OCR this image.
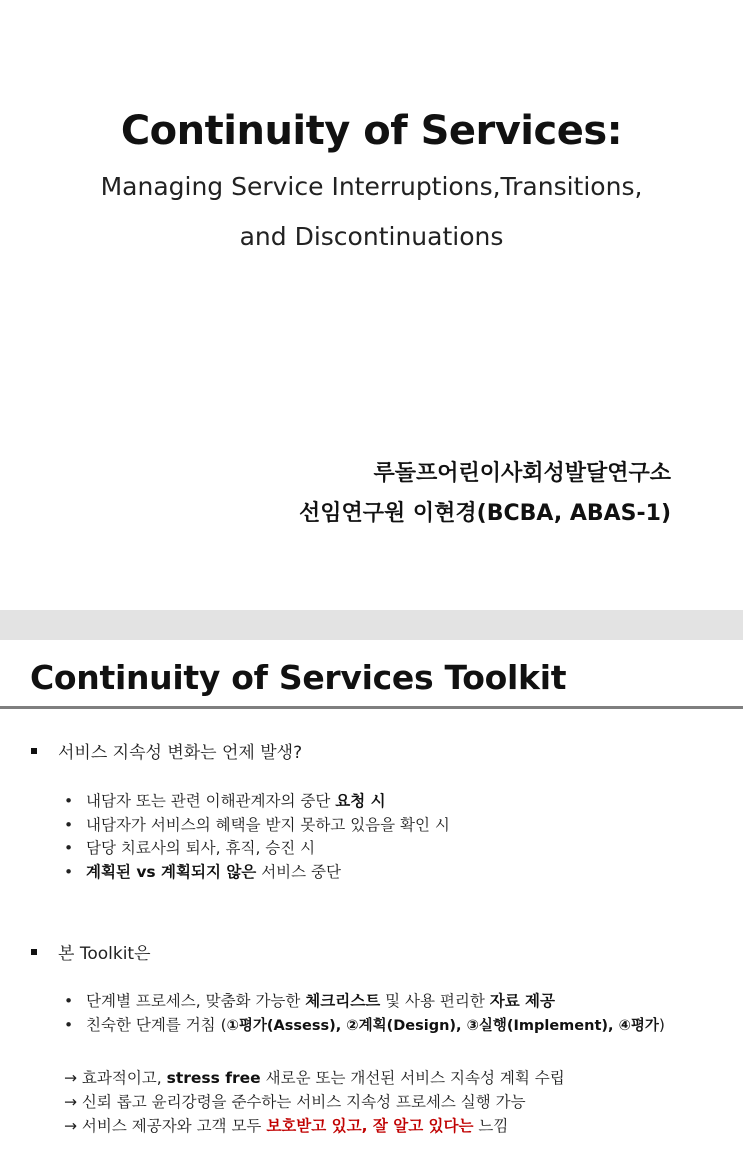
Continuity of Services:
Managing Service Interruptions,Transitions,
and Discontinuations
루돌프어린이사회성발달연구소
선임연구원 이현경(BCBA, ABAS-1)
Continuity of Services Toolkit
서비스 지속성 변화는 언제 발생?
• 내담자 또는 관련 이해관계자의 중단 요청 시
• 내담자가 서비스의 혜택을 받지 못하고 있음을 확인 시
• 담당 치료사의 퇴사, 휴직, 승진 시
• 계획된 vs 계획되지 않은 서비스 중단
본 Toolkit은
• 단계별 프로세스, 맞춤화 가능한 체크리스트 및 사용 편리한 자료 제공
• 친숙한 단계를 거침 (①평가(Assess), ②계획(Design), ③실행(Implement), ④평가)
→ 효과적이고, stress free 새로운 또는 개선된 서비스 지속성 계획 수립
→ 신뢰 롭고 윤리강령을 준수하는 서비스 지속성 프로세스 실행 가능
→ 서비스 제공자와 고객 모두 보호받고 있고, 잘 알고 있다는 느낌
